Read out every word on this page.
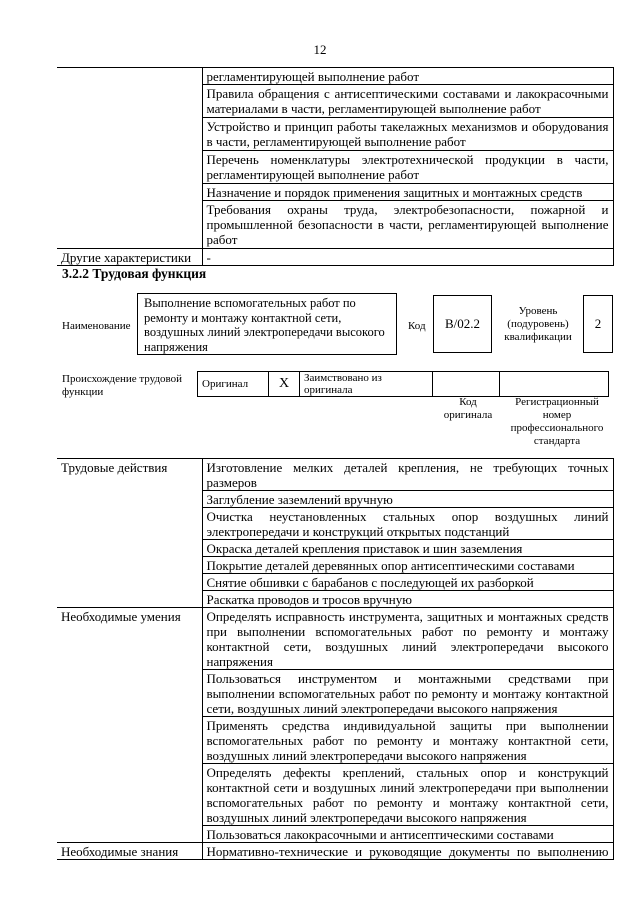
12
	регламентирующей выполнение работ
	Правила обращения с антисептическими составами и лакокрасочными материалами в части, регламентирующей выполнение работ
	Устройство и принцип работы такелажных механизмов и оборудования в части, регламентирующей выполнение работ
	Перечень номенклатуры электротехнической продукции в части, регламентирующей выполнение работ
	Назначение и порядок применения защитных и монтажных средств
	Требования охраны труда, электробезопасности, пожарной и промышленной безопасности в части, регламентирующей выполнение работ
Другие характеристики	-
3.2.2 Трудовая функция
Наименование
Выполнение вспомогательных работ по ремонту и монтажу контактной сети, воздушных линий электропередачи высокого напряжения
Код B/02.2
Уровень (подуровень) квалификации
2
Происхождение трудовой функции
Оригинал	X	Заимствовано из оригинала		
Код оригинала
Регистрационный номер профессионального стандарта
Трудовые действия	Изготовление мелких деталей крепления, не требующих точных размеров
	Заглубление заземлений вручную
	Очистка неустановленных стальных опор воздушных линий электропередачи и конструкций открытых подстанций
	Окраска деталей крепления приставок и шин заземления
	Покрытие деталей деревянных опор антисептическими составами
	Снятие обшивки с барабанов с последующей их разборкой
	Раскатка проводов и тросов вручную
Необходимые умения	Определять исправность инструмента, защитных и монтажных средств при выполнении вспомогательных работ по ремонту и монтажу контактной сети, воздушных линий электропередачи высокого напряжения
	Пользоваться инструментом и монтажными средствами при выполнении вспомогательных работ по ремонту и монтажу контактной сети, воздушных линий электропередачи высокого напряжения
	Применять средства индивидуальной защиты при выполнении вспомогательных работ по ремонту и монтажу контактной сети, воздушных линий электропередачи высокого напряжения
	Определять дефекты креплений, стальных опор и конструкций контактной сети и воздушных линий электропередачи при выполнении вспомогательных работ по ремонту и монтажу контактной сети, воздушных линий электропередачи высокого напряжения
	Пользоваться лакокрасочными и антисептическими составами
Необходимые знания	Нормативно-технические и руководящие документы по выполнению
